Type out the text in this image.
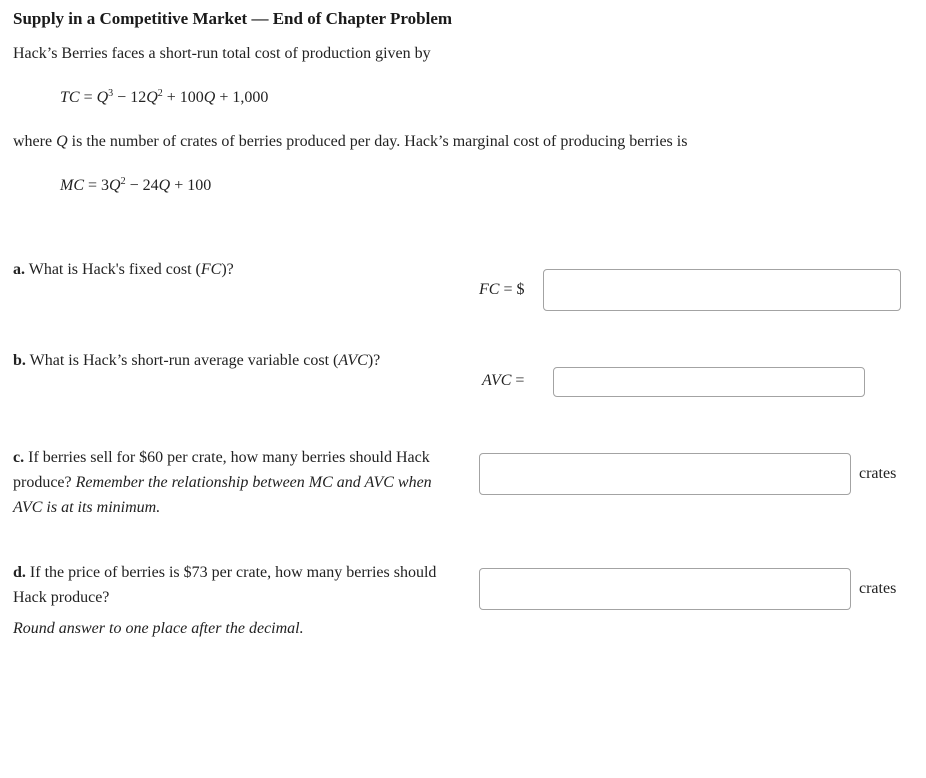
Supply in a Competitive Market — End of Chapter Problem
Hack’s Berries faces a short-run total cost of production given by
TC = $Q^3 - 12Q^2 + 100Q + 1,000$
where Q is the number of crates of berries produced per day. Hack’s marginal cost of producing berries is
MC = $3Q^2 - 24Q + 100$
a. What is Hack's fixed cost (FC)?
FC = $
b. What is Hack’s short-run average variable cost (AVC)?
AVC =
c. If berries sell for $60 per crate, how many berries should Hack produce? Remember the relationship between MC and AVC when AVC is at its minimum.
crates
d. If the price of berries is $73 per crate, how many berries should Hack produce?
Round answer to one place after the decimal.
crates
